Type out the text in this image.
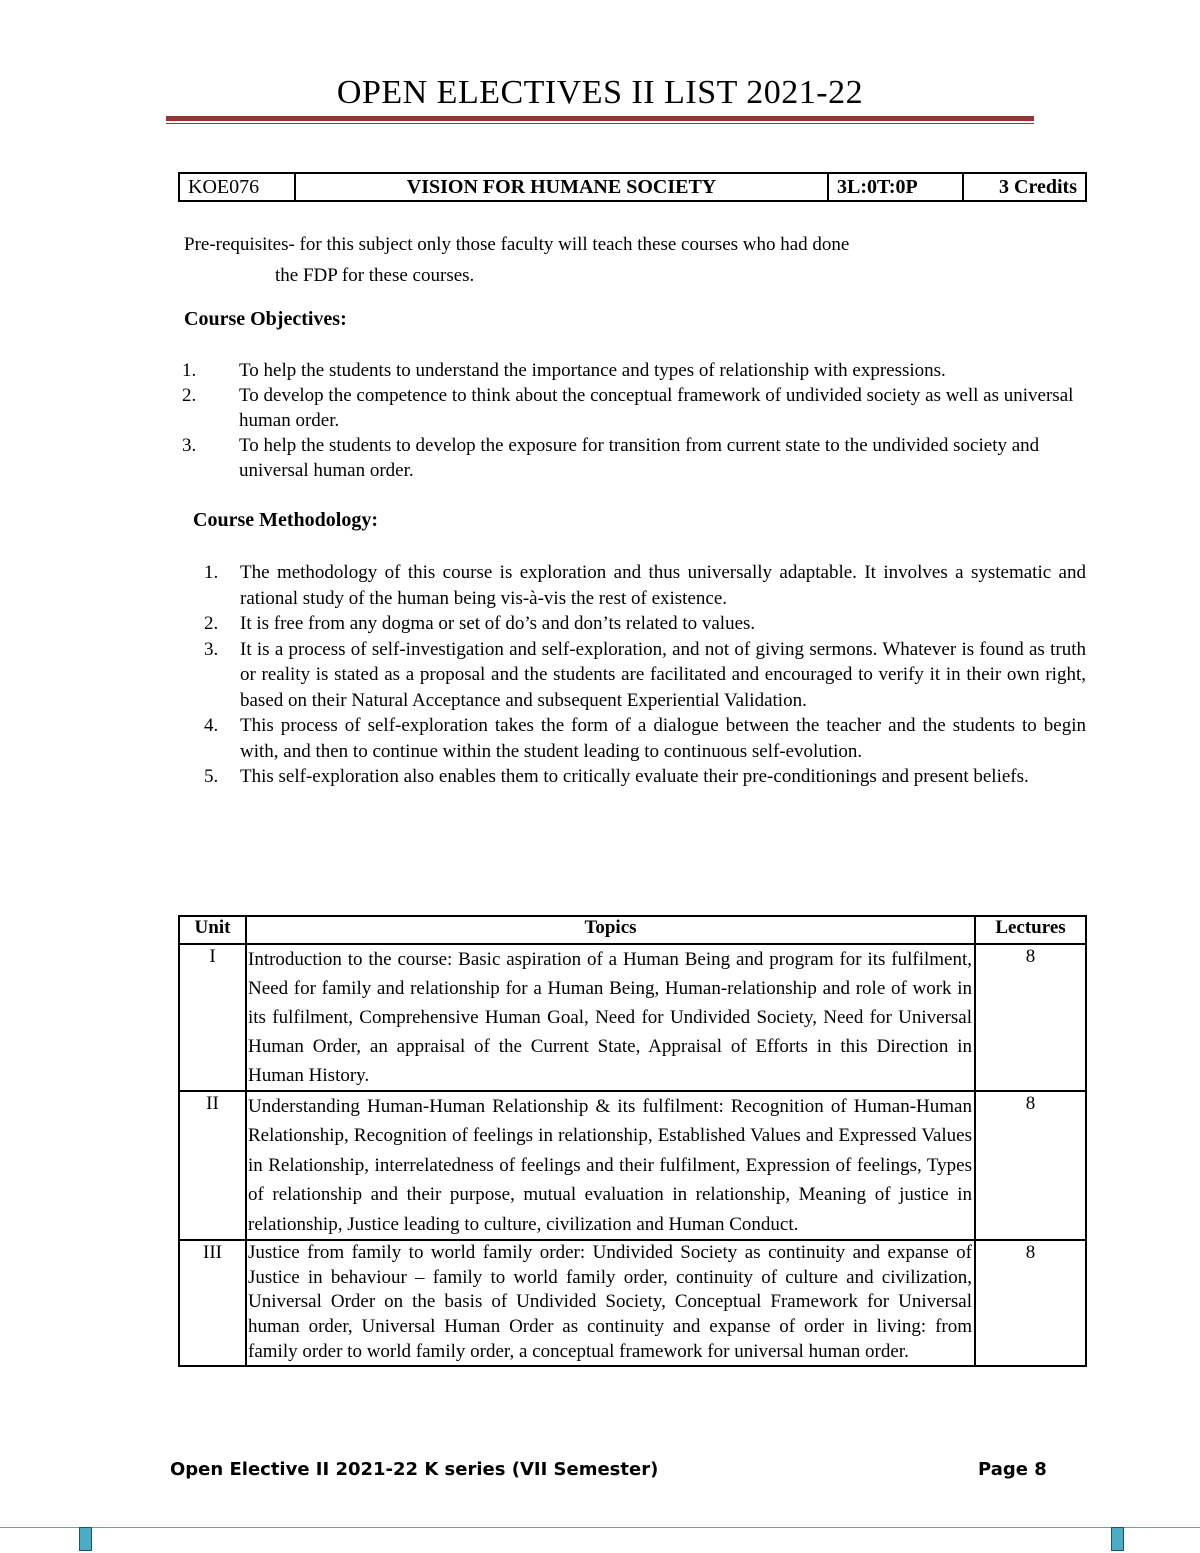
OPEN ELECTIVES II LIST 2021-22
KOE076	VISION FOR HUMANE SOCIETY	3L:0T:0P	3 Credits
Pre-requisites- for this subject only those faculty will teach these courses who had done
the FDP for these courses.
Course Objectives:
1. To help the students to understand the importance and types of relationship with expressions.
2. To develop the competence to think about the conceptual framework of undivided society as well as universal human order.
3. To help the students to develop the exposure for transition from current state to the undivided society and universal human order.
Course Methodology:
1. The methodology of this course is exploration and thus universally adaptable. It involves a systematic and rational study of the human being vis-à-vis the rest of existence.
2. It is free from any dogma or set of do’s and don’ts related to values.
3. It is a process of self-investigation and self-exploration, and not of giving sermons. Whatever is found as truth or reality is stated as a proposal and the students are facilitated and encouraged to verify it in their own right, based on their Natural Acceptance and subsequent Experiential Validation.
4. This process of self-exploration takes the form of a dialogue between the teacher and the students to begin with, and then to continue within the student leading to continuous self-evolution.
5. This self-exploration also enables them to critically evaluate their pre-conditionings and present beliefs.
Unit	Topics	Lectures
I	Introduction to the course: Basic aspiration of a Human Being and program for its fulfilment, Need for family and relationship for a Human Being, Human-relationship and role of work in its fulfilment, Comprehensive Human Goal, Need for Undivided Society, Need for Universal Human Order, an appraisal of the Current State, Appraisal of Efforts in this Direction in Human History.	8
II	Understanding Human-Human Relationship & its fulfilment: Recognition of Human-Human Relationship, Recognition of feelings in relationship, Established Values and Expressed Values in Relationship, interrelatedness of feelings and their fulfilment, Expression of feelings, Types of relationship and their purpose, mutual evaluation in relationship, Meaning of justice in relationship, Justice leading to culture, civilization and Human Conduct.	8
III	Justice from family to world family order: Undivided Society as continuity and expanse of Justice in behaviour – family to world family order, continuity of culture and civilization, Universal Order on the basis of Undivided Society, Conceptual Framework for Universal human order, Universal Human Order as continuity and expanse of order in living: from family order to world family order, a conceptual framework for universal human order.	8
Open Elective II 2021-22 K series (VII Semester)	Page 8
